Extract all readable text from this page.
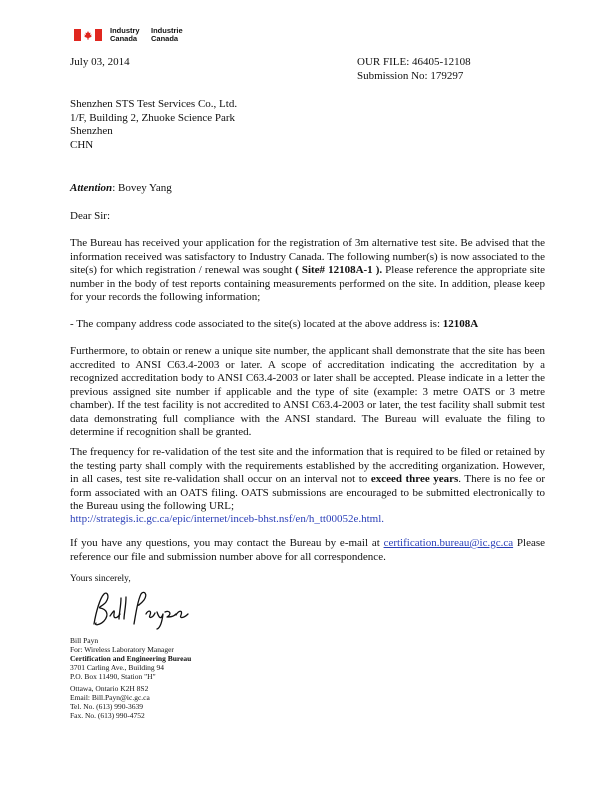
Industry
Canada
Industrie
Canada
July 03, 2014	OUR FILE: 46405-12108
Submission No: 179297
Shenzhen STS Test Services Co., Ltd.
1/F, Building 2, Zhuoke Science Park
Shenzhen
CHN
Attention: Bovey Yang
Dear Sir:
The Bureau has received your application for the registration of 3m alternative test site. Be advised that the information received was satisfactory to Industry Canada. The following number(s) is now associated to the site(s) for which registration / renewal was sought ( Site# 12108A-1 ). Please reference the appropriate site number in the body of test reports containing measurements performed on the site. In addition, please keep for your records the following information;
- The company address code associated to the site(s) located at the above address is: 12108A
Furthermore, to obtain or renew a unique site number, the applicant shall demonstrate that the site has been accredited to ANSI C63.4-2003 or later. A scope of accreditation indicating the accreditation by a recognized accreditation body to ANSI C63.4-2003 or later shall be accepted. Please indicate in a letter the previous assigned site number if applicable and the type of site (example: 3 metre OATS or 3 metre chamber). If the test facility is not accredited to ANSI C63.4-2003 or later, the test facility shall submit test data demonstrating full compliance with the ANSI standard. The Bureau will evaluate the filing to determine if recognition shall be granted.
The frequency for re-validation of the test site and the information that is required to be filed or retained by the testing party shall comply with the requirements established by the accrediting organization. However, in all cases, test site re-validation shall occur on an interval not to exceed three years. There is no fee or form associated with an OATS filing. OATS submissions are encouraged to be submitted electronically to the Bureau using the following URL;
http://strategis.ic.gc.ca/epic/internet/inceb-bhst.nsf/en/h_tt00052e.html.
If you have any questions, you may contact the Bureau by e-mail at certification.bureau@ic.gc.ca Please reference our file and submission number above for all correspondence.
Yours sincerely,
Bill Payn
For: Wireless Laboratory Manager
Certification and Engineering Bureau
3701 Carling Ave., Building 94
P.O. Box 11490, Station "H"
Ottawa, Ontario K2H 8S2
Email: Bill.Payn@ic.gc.ca
Tel. No. (613) 990-3639
Fax. No. (613) 990-4752
